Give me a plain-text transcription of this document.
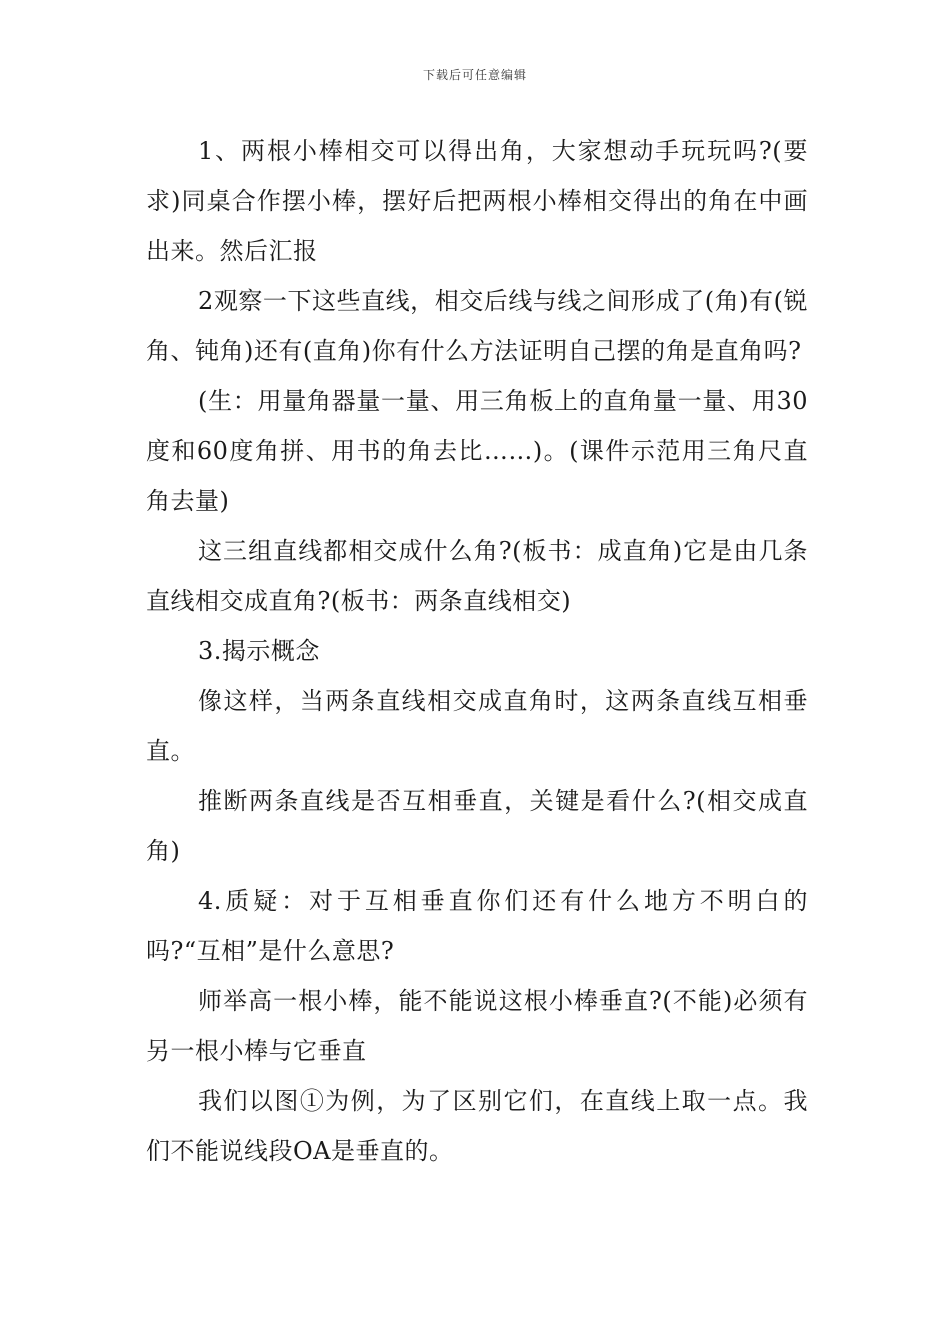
下载后可任意编辑

1、两根小棒相交可以得出角，大家想动手玩玩吗?(要求)同桌合作摆小棒，摆好后把两根小棒相交得出的角在中画出来。然后汇报

2观察一下这些直线，相交后线与线之间形成了(角)有(锐角、钝角)还有(直角)你有什么方法证明自己摆的角是直角吗?

(生：用量角器量一量、用三角板上的直角量一量、用30度和60度角拼、用书的角去比……)。(课件示范用三角尺直角去量)

这三组直线都相交成什么角?(板书：成直角)它是由几条直线相交成直角?(板书：两条直线相交)

3.揭示概念

像这样，当两条直线相交成直角时，这两条直线互相垂直。

推断两条直线是否互相垂直，关键是看什么?(相交成直角)

4.质疑：对于互相垂直你们还有什么地方不明白的吗?“互相”是什么意思?

师举高一根小棒，能不能说这根小棒垂直?(不能)必须有另一根小棒与它垂直

我们以图①为例，为了区别它们，在直线上取一点。我们不能说线段OA是垂直的。
